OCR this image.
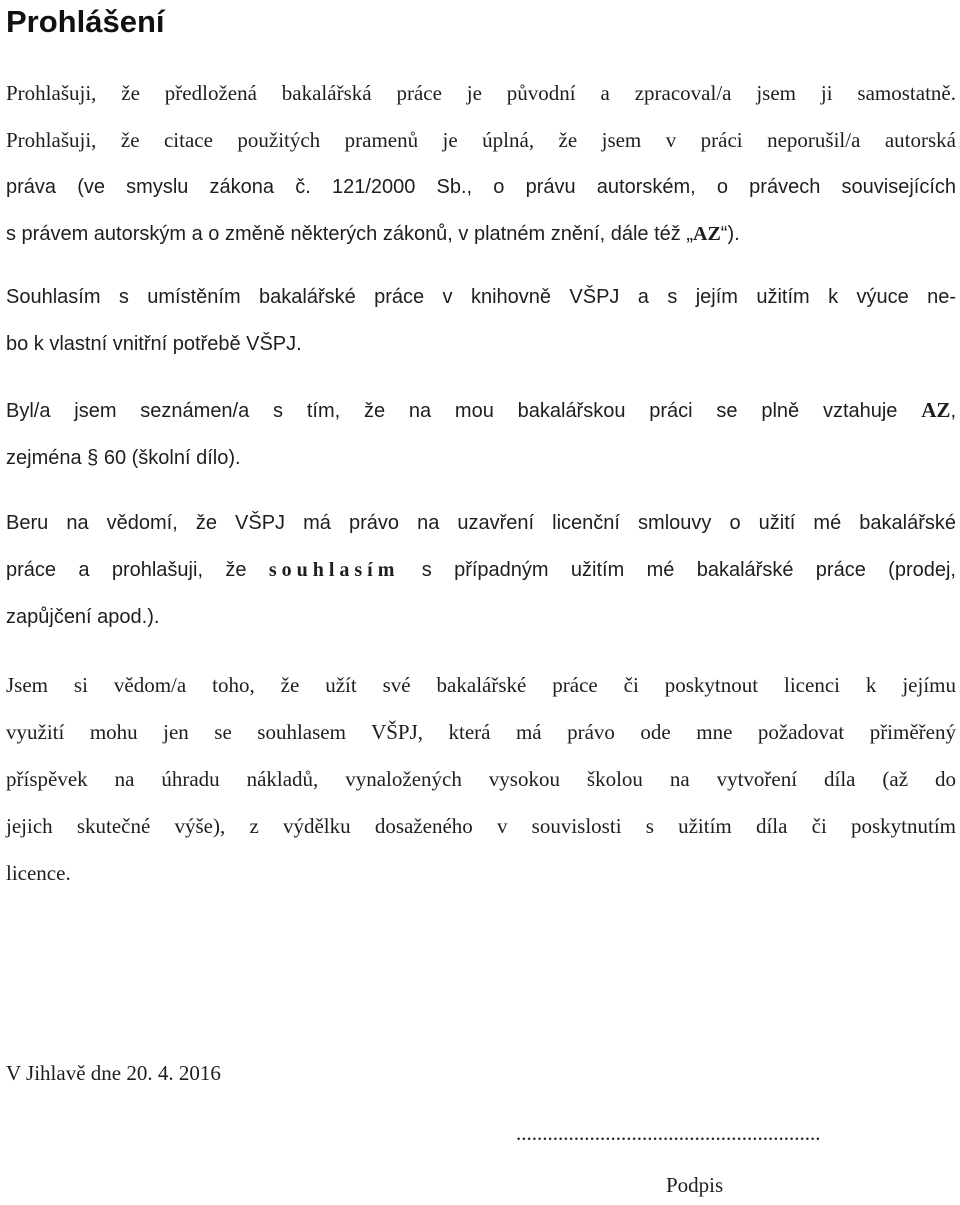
Prohlášení

Prohlašuji, že předložená bakalářská práce je původní a zpracoval/a jsem ji samostatně.
Prohlašuji, že citace použitých pramenů je úplná, že jsem v práci neporušil/a autorská
práva (ve smyslu zákona č. 121/2000 Sb., o právu autorském, o právech souvisejících
s právem autorským a o změně některých zákonů, v platném znění, dále též „AZ“).

Souhlasím s umístěním bakalářské práce v knihovně VŠPJ a s jejím užitím k výuce ne-
bo k vlastní vnitřní potřebě VŠPJ.

Byl/a jsem seznámen/a s tím, že na mou bakalářskou práci se plně vztahuje AZ,
zejména § 60 (školní dílo).

Beru na vědomí, že VŠPJ má právo na uzavření licenční smlouvy o užití mé bakalářské
práce a prohlašuji, že souhlasím s případným užitím mé bakalářské práce (prodej,
zapůjčení apod.).

Jsem si vědom/a toho, že užít své bakalářské práce či poskytnout licenci k jejímu
využití mohu jen se souhlasem VŠPJ, která má právo ode mne požadovat přiměřený
příspěvek na úhradu nákladů, vynaložených vysokou školou na vytvoření díla (až do
jejich skutečné výše), z výdělku dosaženého v souvislosti s užitím díla či poskytnutím
licence.

V Jihlavě dne 20. 4. 2016

..........................................................
Podpis
